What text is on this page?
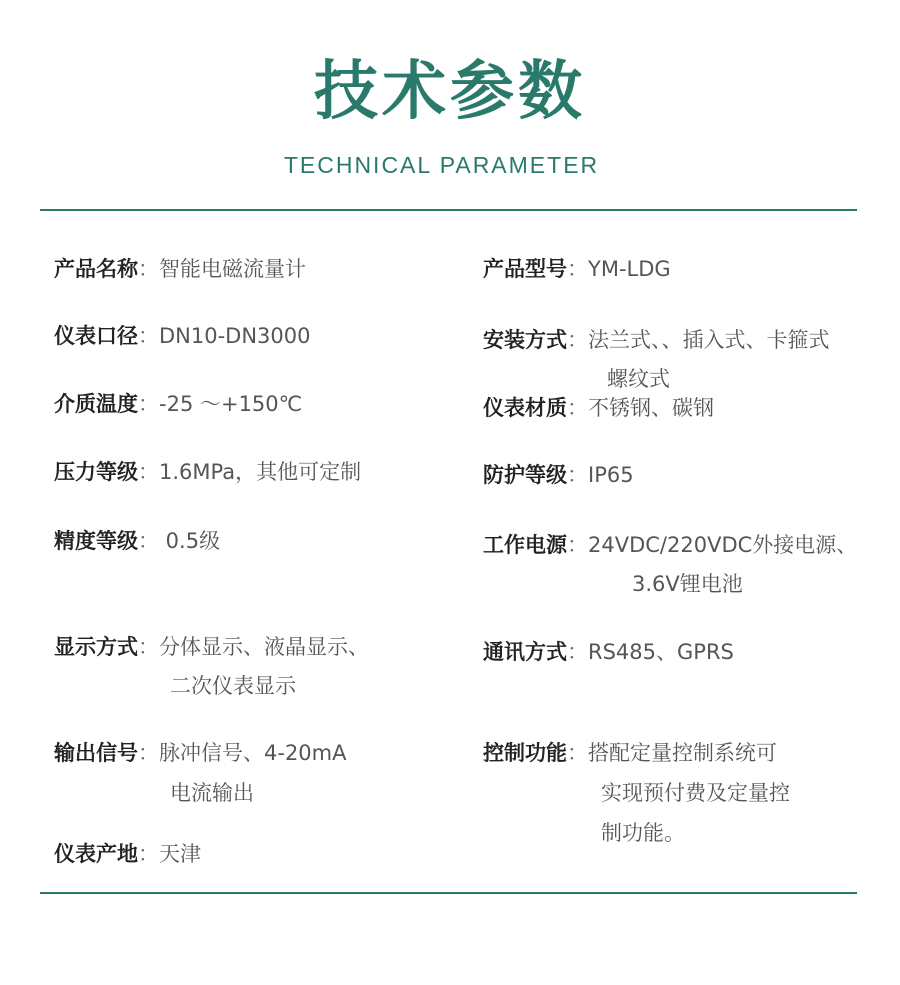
技术参数
TECHNICAL PARAMETER
产品名称：智能电磁流量计
仪表口径：DN10-DN3000
介质温度：-25 ～+150℃
压力等级：1.6MPa，其他可定制
精度等级： 0.5级
显示方式：分体显示、液晶显示、
二次仪表显示
输出信号：脉冲信号、4-20mA
电流输出
仪表产地：天津
产品型号：YM-LDG
安装方式：法兰式、、插入式、卡箍式
螺纹式
仪表材质：不锈钢、碳钢
防护等级：IP65
工作电源：24VDC/220VDC外接电源、
3.6V锂电池
通讯方式：RS485、GPRS
控制功能：搭配定量控制系统可
实现预付费及定量控
制功能。
